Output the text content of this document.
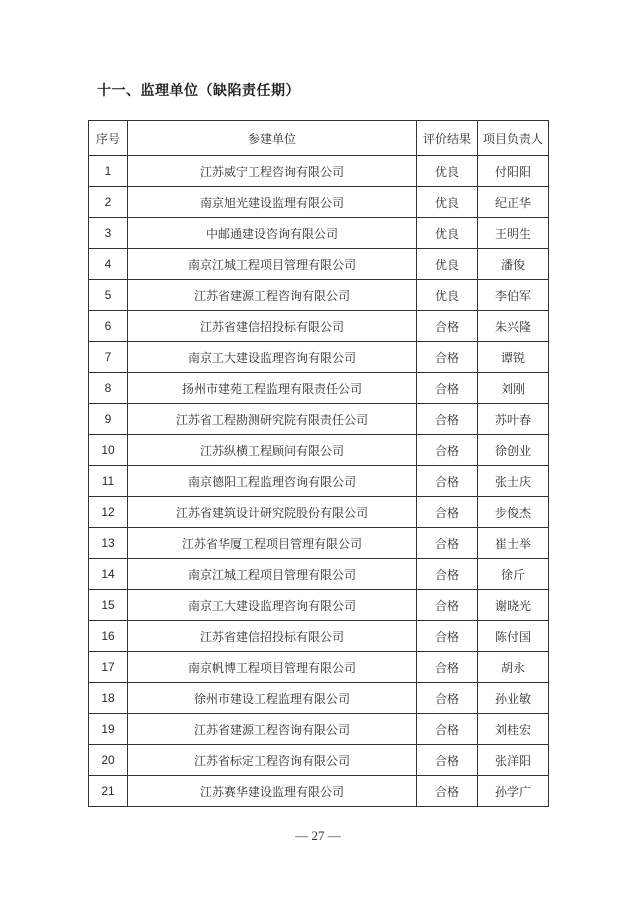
十一、监理单位（缺陷责任期）
序号	参建单位	评价结果	项目负责人
1	江苏威宁工程咨询有限公司	优良	付阳阳
2	南京旭光建设监理有限公司	优良	纪正华
3	中邮通建设咨询有限公司	优良	王明生
4	南京江城工程项目管理有限公司	优良	潘俊
5	江苏省建源工程咨询有限公司	优良	李伯军
6	江苏省建信招投标有限公司	合格	朱兴隆
7	南京工大建设监理咨询有限公司	合格	谭锐
8	扬州市建苑工程监理有限责任公司	合格	刘刚
9	江苏省工程勘测研究院有限责任公司	合格	苏叶春
10	江苏纵横工程顾问有限公司	合格	徐创业
11	南京德阳工程监理咨询有限公司	合格	张士庆
12	江苏省建筑设计研究院股份有限公司	合格	步俊杰
13	江苏省华厦工程项目管理有限公司	合格	崔士举
14	南京江城工程项目管理有限公司	合格	徐斤
15	南京工大建设监理咨询有限公司	合格	谢晓光
16	江苏省建信招投标有限公司	合格	陈付国
17	南京帆博工程项目管理有限公司	合格	胡永
18	徐州市建设工程监理有限公司	合格	孙业敏
19	江苏省建源工程咨询有限公司	合格	刘桂宏
20	江苏省标定工程咨询有限公司	合格	张洋阳
21	江苏赛华建设监理有限公司	合格	孙学广
— 27 —
